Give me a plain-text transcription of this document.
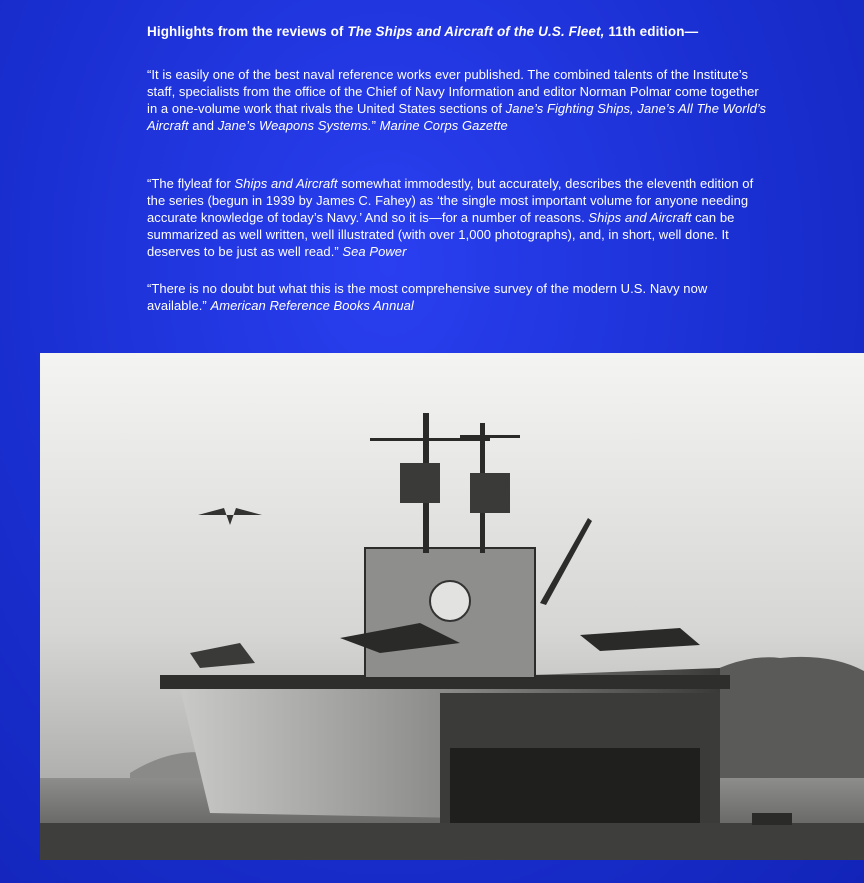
Highlights from the reviews of The Ships and Aircraft of the U.S. Fleet, 11th edition—
“It is easily one of the best naval reference works ever published. The combined talents of the Institute’s staff, specialists from the office of the Chief of Navy Information and editor Norman Polmar come together in a one-volume work that rivals the United States sections of Jane’s Fighting Ships, Jane’s All The World’s Aircraft and Jane’s Weapons Systems.” Marine Corps Gazette
“The flyleaf for Ships and Aircraft somewhat immodestly, but accurately, describes the eleventh edition of the series (begun in 1939 by James C. Fahey) as ‘the single most important volume for anyone needing accurate knowledge of today’s Navy.’ And so it is—for a number of reasons. Ships and Aircraft can be summarized as well written, well illustrated (with over 1,000 photographs), and, in short, well done. It deserves to be just as well read.” Sea Power
“There is no doubt but what this is the most comprehensive survey of the modern U.S. Navy now available.” American Reference Books Annual
